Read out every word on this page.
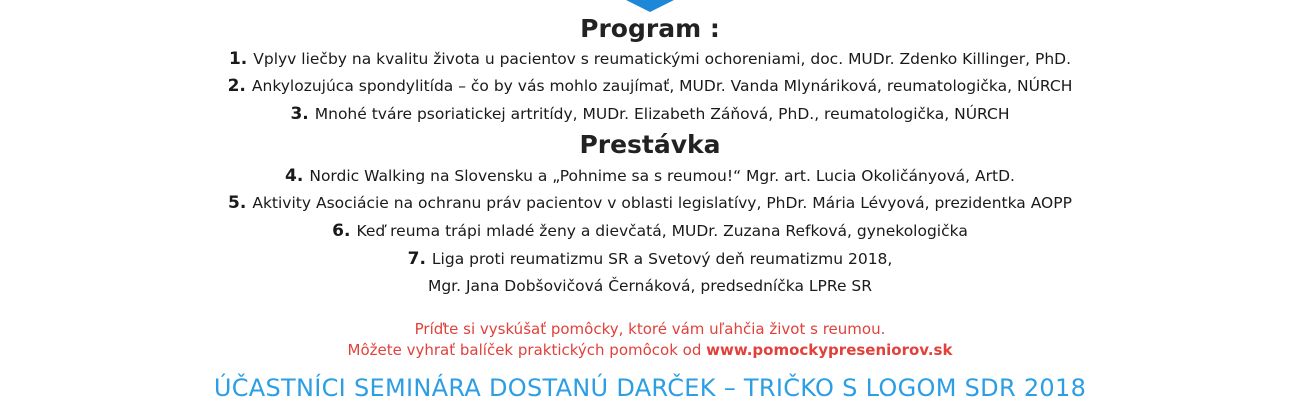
Program :
1. Vplyv liečby na kvalitu života u pacientov s reumatickými ochoreniami, doc. MUDr. Zdenko Killinger, PhD.
2. Ankylozujúca spondylitída – čo by vás mohlo zaujímať, MUDr. Vanda Mlynáriková, reumatologička, NÚRCH
3. Mnohé tváre psoriatickej artritídy, MUDr. Elizabeth Záňová, PhD., reumatologička, NÚRCH
Prestávka
4. Nordic Walking na Slovensku a „Pohnime sa s reumou!“ Mgr. art. Lucia Okoličányová, ArtD.
5. Aktivity Asociácie na ochranu práv pacientov v oblasti legislatívy, PhDr. Mária Lévyová, prezidentka AOPP
6. Keď reuma trápi mladé ženy a dievčatá, MUDr. Zuzana Refková, gynekologička
7. Liga proti reumatizmu SR a Svetový deň reumatizmu 2018,
Mgr. Jana Dobšovičová Černáková, predsedníčka LPRe SR
Príďte si vyskúšať pomôcky, ktoré vám uľahčia život s reumou.
Môžete vyhrať balíček praktických pomôcok od www.pomockypreseniorov.sk
ÚČASTNÍCI SEMINÁRA DOSTANÚ DARČEK – TRIČKO S LOGOM SDR 2018
